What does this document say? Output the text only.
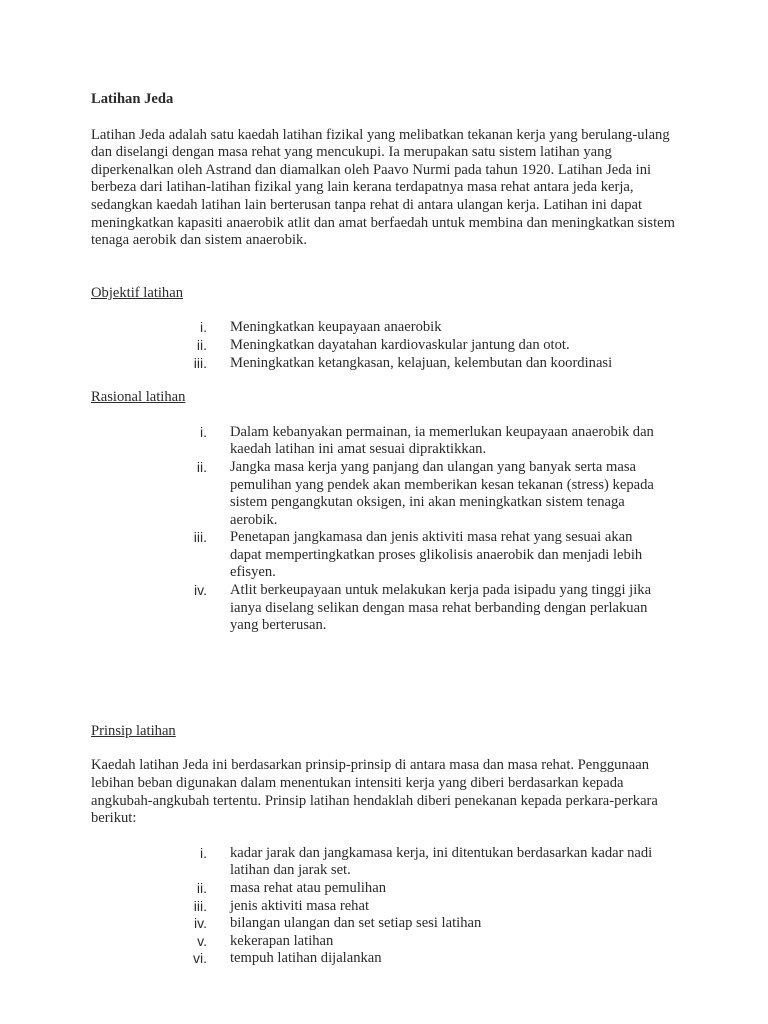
Latihan Jeda

Latihan Jeda adalah satu kaedah latihan fizikal yang melibatkan tekanan kerja yang berulang-ulang dan diselangi dengan masa rehat yang mencukupi. Ia merupakan satu sistem latihan yang diperkenalkan oleh Astrand dan diamalkan oleh Paavo Nurmi pada tahun 1920. Latihan Jeda ini berbeza dari latihan-latihan fizikal yang lain kerana terdapatnya masa rehat antara jeda kerja, sedangkan kaedah latihan lain berterusan tanpa rehat di antara ulangan kerja. Latihan ini dapat meningkatkan kapasiti anaerobik atlit dan amat berfaedah untuk membina dan meningkatkan sistem tenaga aerobik dan sistem anaerobik.

Objektif latihan

i. Meningkatkan keupayaan anaerobik
ii. Meningkatkan dayatahan kardiovaskular jantung dan otot.
iii. Meningkatkan ketangkasan, kelajuan, kelembutan dan koordinasi

Rasional latihan

i. Dalam kebanyakan permainan, ia memerlukan keupayaan anaerobik dan kaedah latihan ini amat sesuai dipraktikkan.
ii. Jangka masa kerja yang panjang dan ulangan yang banyak serta masa pemulihan yang pendek akan memberikan kesan tekanan (stress) kepada sistem pengangkutan oksigen, ini akan meningkatkan sistem tenaga aerobik.
iii. Penetapan jangkamasa dan jenis aktiviti masa rehat yang sesuai akan dapat mempertingkatkan proses glikolisis anaerobik dan menjadi lebih efisyen.
iv. Atlit berkeupayaan untuk melakukan kerja pada isipadu yang tinggi jika ianya diselang selikan dengan masa rehat berbanding dengan perlakuan yang berterusan.

Prinsip latihan

Kaedah latihan Jeda ini berdasarkan prinsip-prinsip di antara masa dan masa rehat. Penggunaan lebihan beban digunakan dalam menentukan intensiti kerja yang diberi berdasarkan kepada angkubah-angkubah tertentu. Prinsip latihan hendaklah diberi penekanan kepada perkara-perkara berikut:

i. kadar jarak dan jangkamasa kerja, ini ditentukan berdasarkan kadar nadi latihan dan jarak set.
ii. masa rehat atau pemulihan
iii. jenis aktiviti masa rehat
iv. bilangan ulangan dan set setiap sesi latihan
v. kekerapan latihan
vi. tempuh latihan dijalankan
